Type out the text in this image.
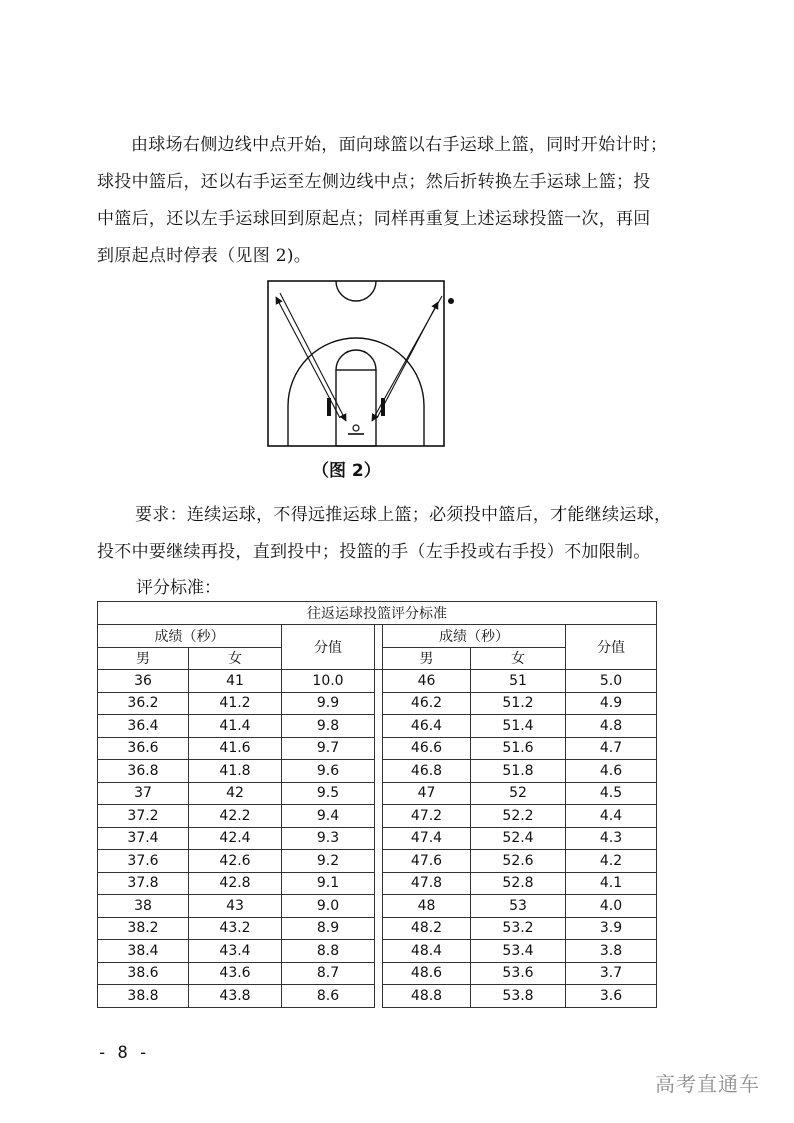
由球场右侧边线中点开始，面向球篮以右手运球上篮，同时开始计时；
球投中篮后，还以右手运至左侧边线中点；然后折转换左手运球上篮；投
中篮后，还以左手运球回到原起点；同样再重复上述运球投篮一次，再回
到原起点时停表（见图 2)。

（图 2）

要求：连续运球，不得远推运球上篮；必须投中篮后，才能继续运球，
投不中要继续再投，直到投中；投篮的手（左手投或右手投）不加限制。

评分标准：
往返运球投篮评分标准						
成绩（秒）		分值		成绩（秒）		分值
男	女			男	女	
36	41	10.0		46	51	5.0
36.2	41.2	9.9		46.2	51.2	4.9
36.4	41.4	9.8		46.4	51.4	4.8
36.6	41.6	9.7		46.6	51.6	4.7
36.8	41.8	9.6		46.8	51.8	4.6
37	42	9.5		47	52	4.5
37.2	42.2	9.4		47.2	52.2	4.4
37.4	42.4	9.3		47.4	52.4	4.3
37.6	42.6	9.2		47.6	52.6	4.2
37.8	42.8	9.1		47.8	52.8	4.1
38	43	9.0		48	53	4.0
38.2	43.2	8.9		48.2	53.2	3.9
38.4	43.4	8.8		48.4	53.4	3.8
38.6	43.6	8.7		48.6	53.6	3.7
38.8	43.8	8.6		48.8	53.8	3.6
- 8 -
高考直通车
